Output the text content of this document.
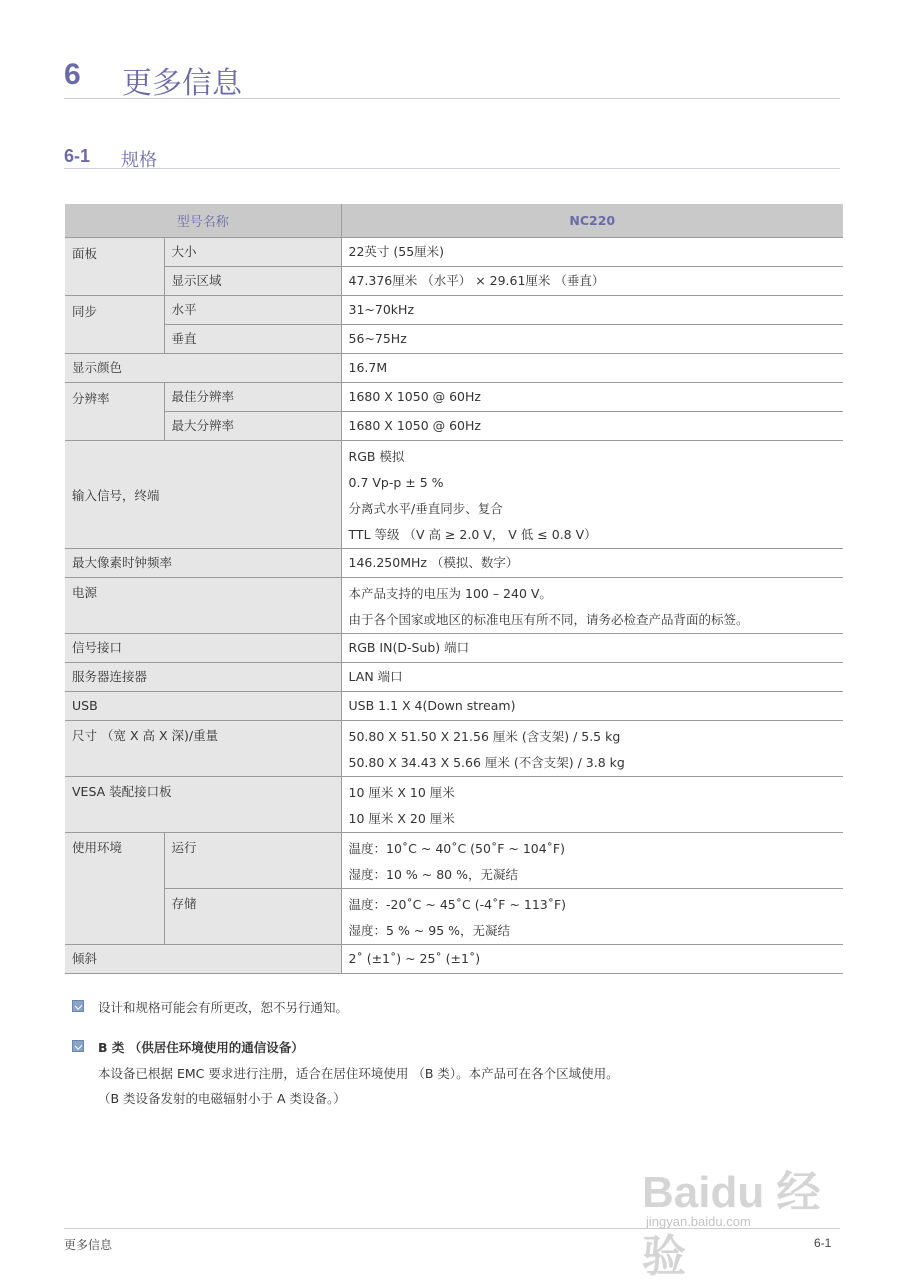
6 更多信息
6-1 规格
型号名称		NC220
面板	大小	22英寸 (55厘米)
	显示区域	47.376厘米 （水平） × 29.61厘米 （垂直）
同步	水平	31~70kHz
	垂直	56~75Hz
显示颜色		16.7M
分辨率	最佳分辨率	1680 X 1050 @ 60Hz
	最大分辨率	1680 X 1050 @ 60Hz
输入信号，终端		RGB 模拟
0.7 Vp-p ± 5 %
分离式水平/垂直同步、复合
TTL 等级 （V 高 ≥ 2.0 V， V 低 ≤ 0.8 V）

最大像素时钟频率		146.250MHz （模拟、数字）
电源		本产品支持的电压为 100 – 240 V。
由于各个国家或地区的标准电压有所不同，请务必检查产品背面的标签。

信号接口		RGB IN(D-Sub) 端口
服务器连接器		LAN 端口
USB		USB 1.1 X 4(Down stream)
尺寸 （宽 X 高 X 深)/重量		50.80 X 51.50 X 21.56 厘米 (含支架) / 5.5 kg
50.80 X 34.43 X 5.66 厘米 (不含支架) / 3.8 kg

VESA 装配接口板		10 厘米 X 10 厘米
10 厘米 X 20 厘米

使用环境	运行	温度：10˚C ~ 40˚C (50˚F ~ 104˚F)
湿度：10 % ~ 80 %，无凝结

	存储	温度：-20˚C ~ 45˚C (-4˚F ~ 113˚F)
湿度：5 % ~ 95 %，无凝结

倾斜		2˚ (±1˚) ~ 25˚ (±1˚)
设计和规格可能会有所更改，恕不另行通知。
B 类 （供居住环境使用的通信设备）
本设备已根据 EMC 要求进行注册，适合在居住环境使用 （B 类）。本产品可在各个区域使用。
（B 类设备发射的电磁辐射小于 A 类设备。）
Baidu 经验
jingyan.baidu.com
更多信息	6-1
